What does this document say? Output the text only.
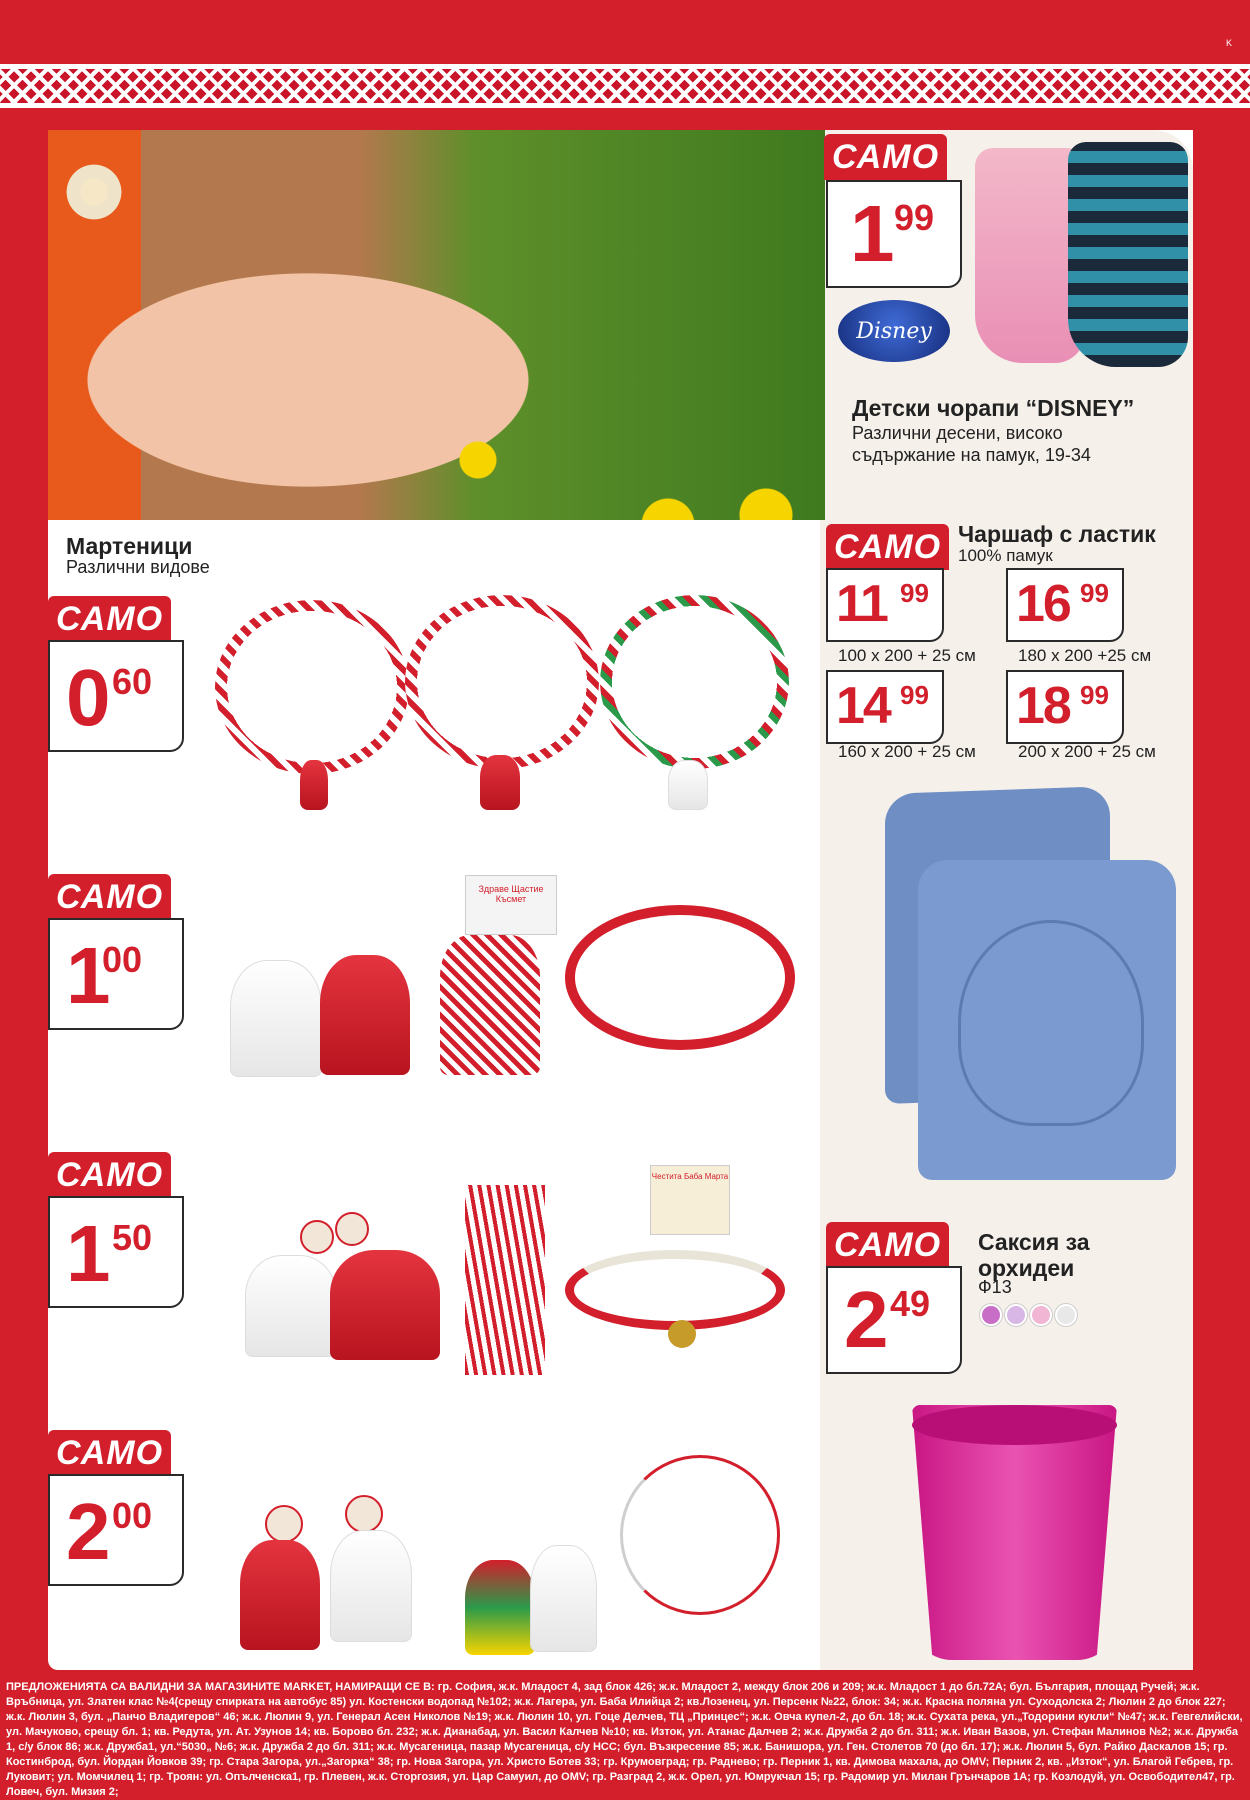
K
САМО
1 99
Disney
Детски чорапи “DISNEY”
Различни десени, високо
съдържание на памук, 19-34
Мартеници
Различни видове
САМО
0 60
САМО
1
00
Здраве Щастие Късмет
САМО
1 50
Честита Баба Марта
САМО
2 00
САМО Чаршаф с ластик
100% памук
11 99
100 х 200 + 25 см
16 99
180 х 200 +25 см
14 99
160 х 200 + 25 см
18 99
200 х 200 + 25 см
САМО
2 49
Саксия за
орхидеи
Ф13
ПРЕДЛОЖЕНИЯТА СА ВАЛИДНИ ЗА МАГАЗИНИТЕ MARKET, НАМИРАЩИ СЕ В: гр. София, ж.к. Младост 4, зад блок 426; ж.к. Младост 2, между блок 206 и 209; ж.к. Младост 1 до бл.72А; бул. България, площад Ручей; ж.к. Връбница, ул. Златен клас №4(срещу спирката на автобус 85) ул. Костенски водопад №102; ж.к. Лагера, ул. Баба Илийца 2; кв.Лозенец, ул. Персенк №22, блок: 34; ж.к. Красна поляна ул. Суходолска 2; Люлин 2 до блок 227; ж.к. Люлин 3, бул. „Панчо Владигеров“ 46; ж.к. Люлин 9, ул. Генерал Асен Николов №19; ж.к. Люлин 10, ул. Гоце Делчев, ТЦ „Принцес“; ж.к. Овча купел-2, до бл. 18; ж.к. Сухата река, ул.„Тодорини кукли“ №47; ж.к. Гевгелийски, ул. Мачуково, срещу бл. 1; кв. Редута, ул. Ат. Узунов 14; кв. Борово бл. 232; ж.к. Дианабад, ул. Васил Калчев №10; кв. Изток, ул. Атанас Далчев 2; ж.к. Дружба 2 до бл. 311; ж.к. Иван Вазов, ул. Стефан Малинов №2; ж.к. Дружба 1, с/у блок 86; ж.к. Дружба1, ул.“5030„ №6; ж.к. Дружба 2 до бл. 311; ж.к. Мусагеница, пазар Мусагеница, с/у НСС; бул. Възкресение 85; ж.к. Банишора, ул. Ген. Столетов 70 (до бл. 17); ж.к. Люлин 5, бул. Райко Даскалов 15; гр. Костинброд, бул. Йордан Йовков 39; гр. Стара Загора, ул.„Загорка“ 38; гр. Нова Загора, ул. Христо Ботев 33; гр. Крумовград; гр. Раднево; гр. Перник 1, кв. Димова махала, до OMV; Перник 2, кв. „Изток“, ул. Благой Гебрев, гр. Луковит; ул. Момчилец 1; гр. Троян: ул. Опълченска1, гр. Плевен, ж.к. Сторгозия, ул. Цар Самуил, до OMV; гр. Разград 2, ж.к. Орел, ул. Юмрукчал 15; гр. Радомир ул. Милан Грънчаров 1А; гр. Козлодуй, ул. Освободител47, гр. Ловеч, бул. Мизия 2;
